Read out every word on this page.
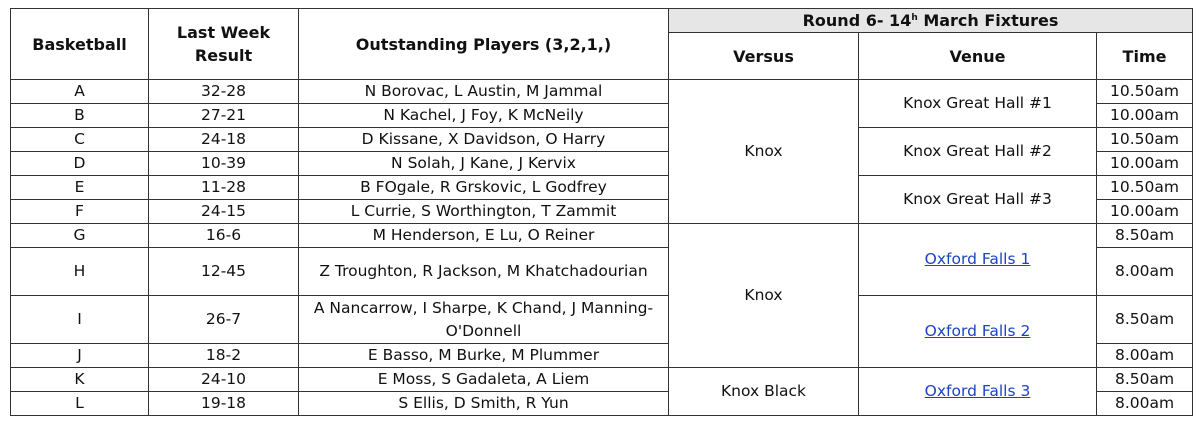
Basketball	Last Week Result	Outstanding Players (3,2,1,)	Round 6- 14$^h$ March Fixtures		
			Versus	Venue	Time
A	32-28	N Borovac, L Austin, M Jammal	Knox	Knox Great Hall #1	10.50am
B	27-21	N Kachel, J Foy, K McNeily			10.00am
C	24-18	D Kissane, X Davidson, O Harry		Knox Great Hall #2	10.50am
D	10-39	N Solah, J Kane, J Kervix			10.00am
E	11-28	B FOgale, R Grskovic, L Godfrey		Knox Great Hall #3	10.50am
F	24-15	L Currie, S Worthington, T Zammit			10.00am
G	16-6	M Henderson, E Lu, O Reiner	Knox	Oxford Falls 1	8.50am
H	12-45	Z Troughton, R Jackson, M Khatchadourian			8.00am
I	26-7	A Nancarrow, I Sharpe, K Chand, J Manning-O'Donnell		Oxford Falls 2	8.50am
J	18-2	E Basso, M Burke, M Plummer			8.00am
K	24-10	E Moss, S Gadaleta, A Liem	Knox Black	Oxford Falls 3	8.50am
L	19-18	S Ellis, D Smith, R Yun			8.00am
